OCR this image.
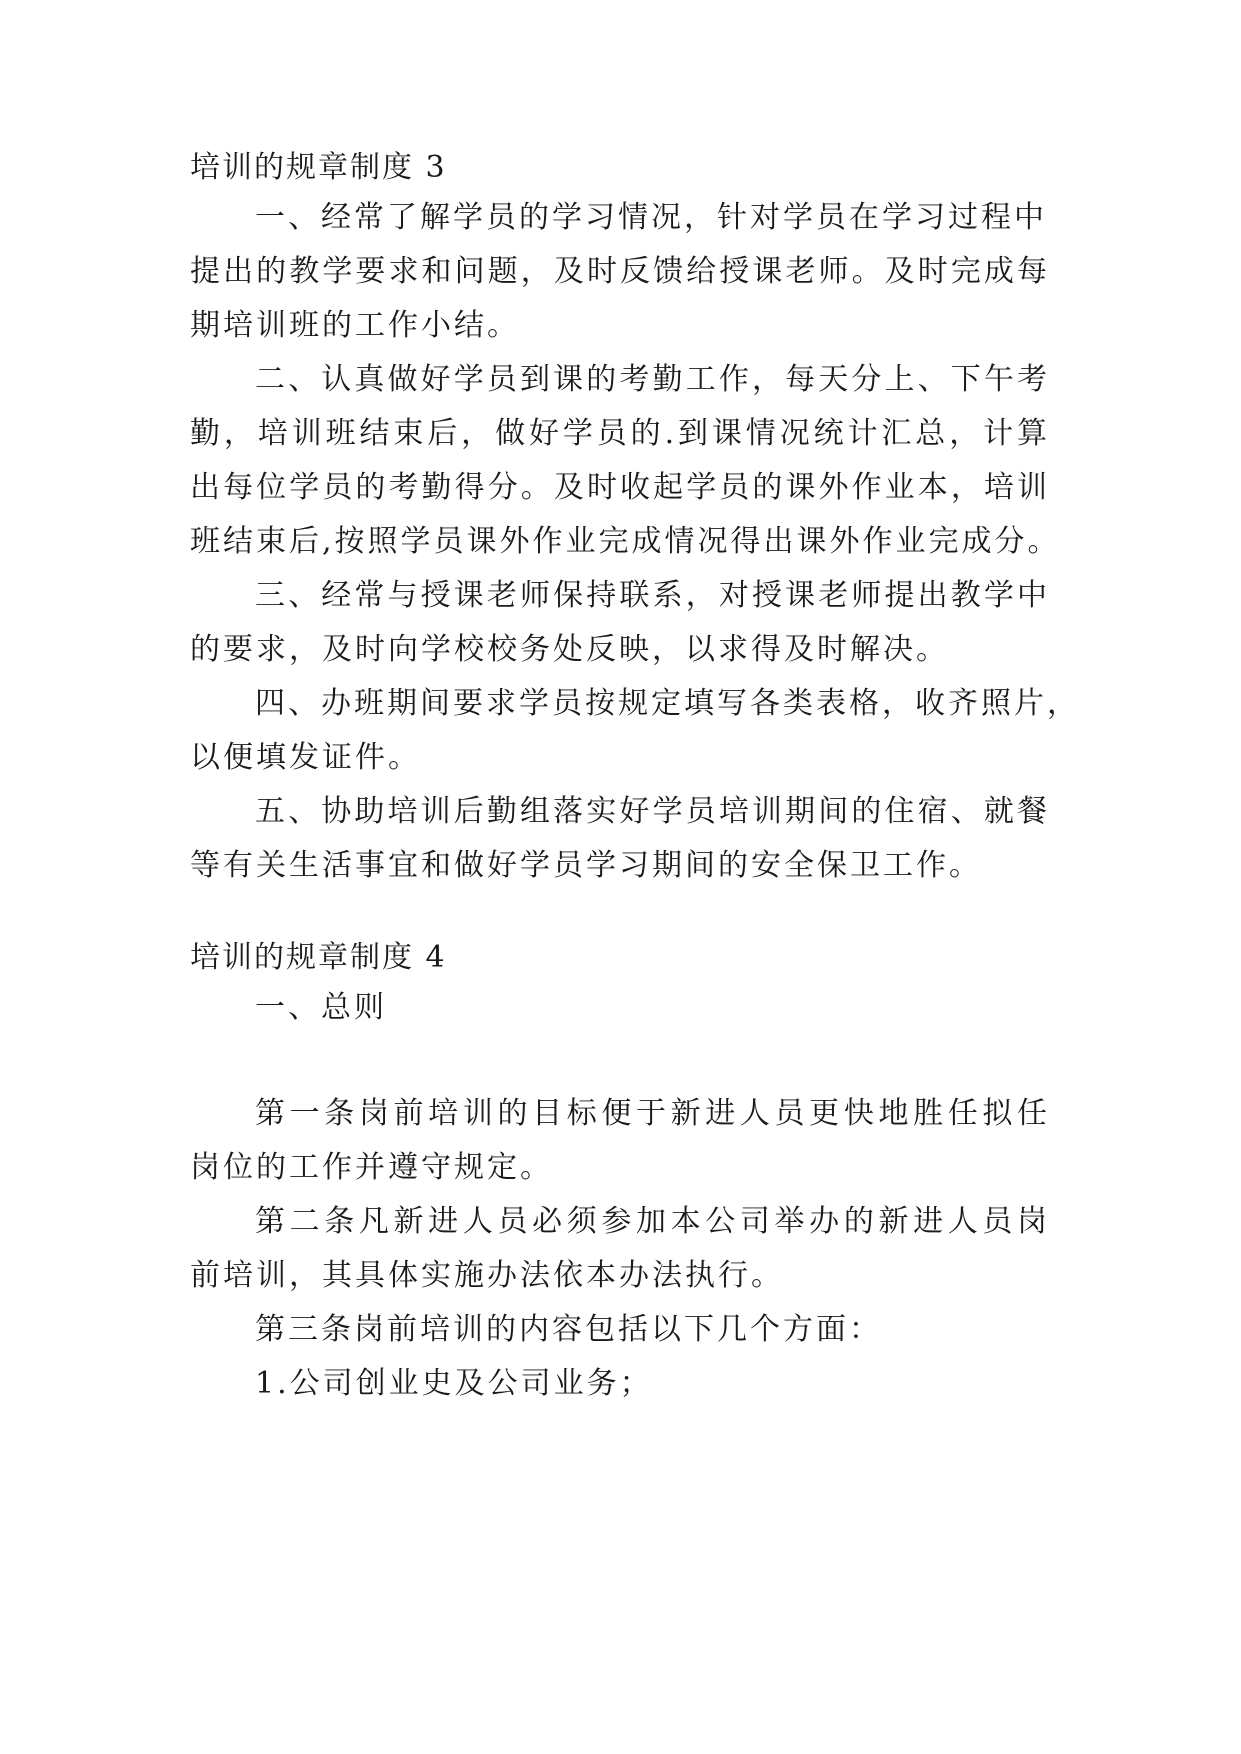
培训的规章制度 3
一、经常了解学员的学习情况，针对学员在学习过程中
提出的教学要求和问题，及时反馈给授课老师。及时完成每
期培训班的工作小结。
二、认真做好学员到课的考勤工作，每天分上、下午考
勤，培训班结束后，做好学员的.到课情况统计汇总，计算
出每位学员的考勤得分。及时收起学员的课外作业本，培训
班结束后,按照学员课外作业完成情况得出课外作业完成分。
三、经常与授课老师保持联系，对授课老师提出教学中
的要求，及时向学校校务处反映，以求得及时解决。
四、办班期间要求学员按规定填写各类表格，收齐照片，
以便填发证件。
五、协助培训后勤组落实好学员培训期间的住宿、就餐
等有关生活事宜和做好学员学习期间的安全保卫工作。
培训的规章制度 4
一、总则
第一条岗前培训的目标便于新进人员更快地胜任拟任
岗位的工作并遵守规定。
第二条凡新进人员必须参加本公司举办的新进人员岗
前培训，其具体实施办法依本办法执行。
第三条岗前培训的内容包括以下几个方面：
1.公司创业史及公司业务；
